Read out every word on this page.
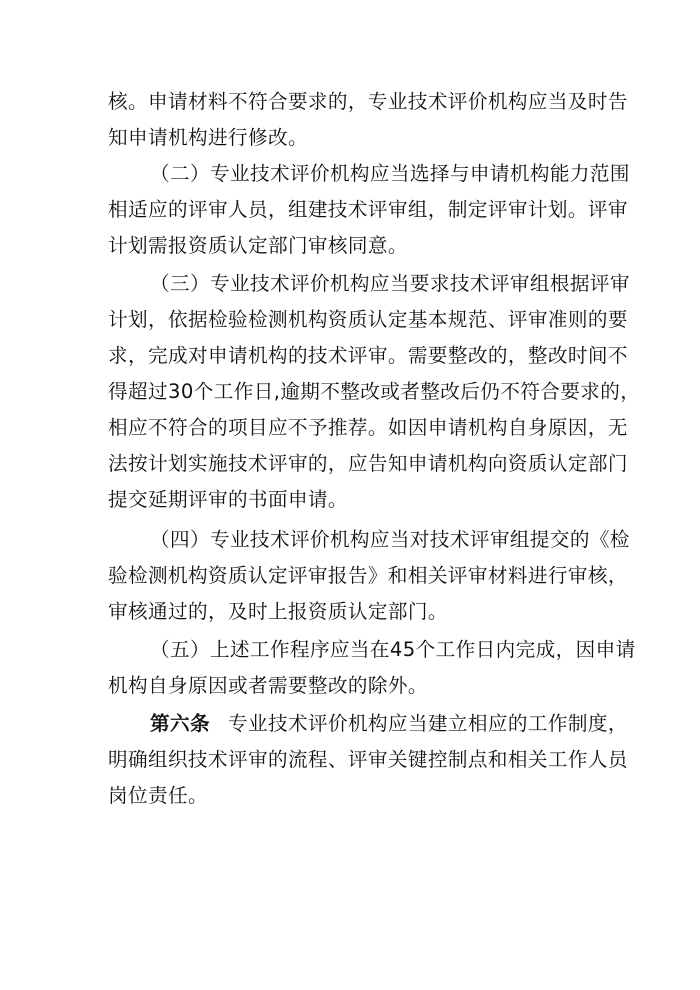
核。申请材料不符合要求的，专业技术评价机构应当及时告
知申请机构进行修改。
（二）专业技术评价机构应当选择与申请机构能力范围
相适应的评审人员，组建技术评审组，制定评审计划。评审
计划需报资质认定部门审核同意。
（三）专业技术评价机构应当要求技术评审组根据评审
计划，依据检验检测机构资质认定基本规范、评审准则的要
求，完成对申请机构的技术评审。需要整改的，整改时间不
得超过30个工作日,逾期不整改或者整改后仍不符合要求的，
相应不符合的项目应不予推荐。如因申请机构自身原因，无
法按计划实施技术评审的，应告知申请机构向资质认定部门
提交延期评审的书面申请。
（四）专业技术评价机构应当对技术评审组提交的《检
验检测机构资质认定评审报告》和相关评审材料进行审核，
审核通过的，及时上报资质认定部门。
（五）上述工作程序应当在45个工作日内完成，因申请
机构自身原因或者需要整改的除外。
第六条 专业技术评价机构应当建立相应的工作制度，
明确组织技术评审的流程、评审关键控制点和相关工作人员
岗位责任。
